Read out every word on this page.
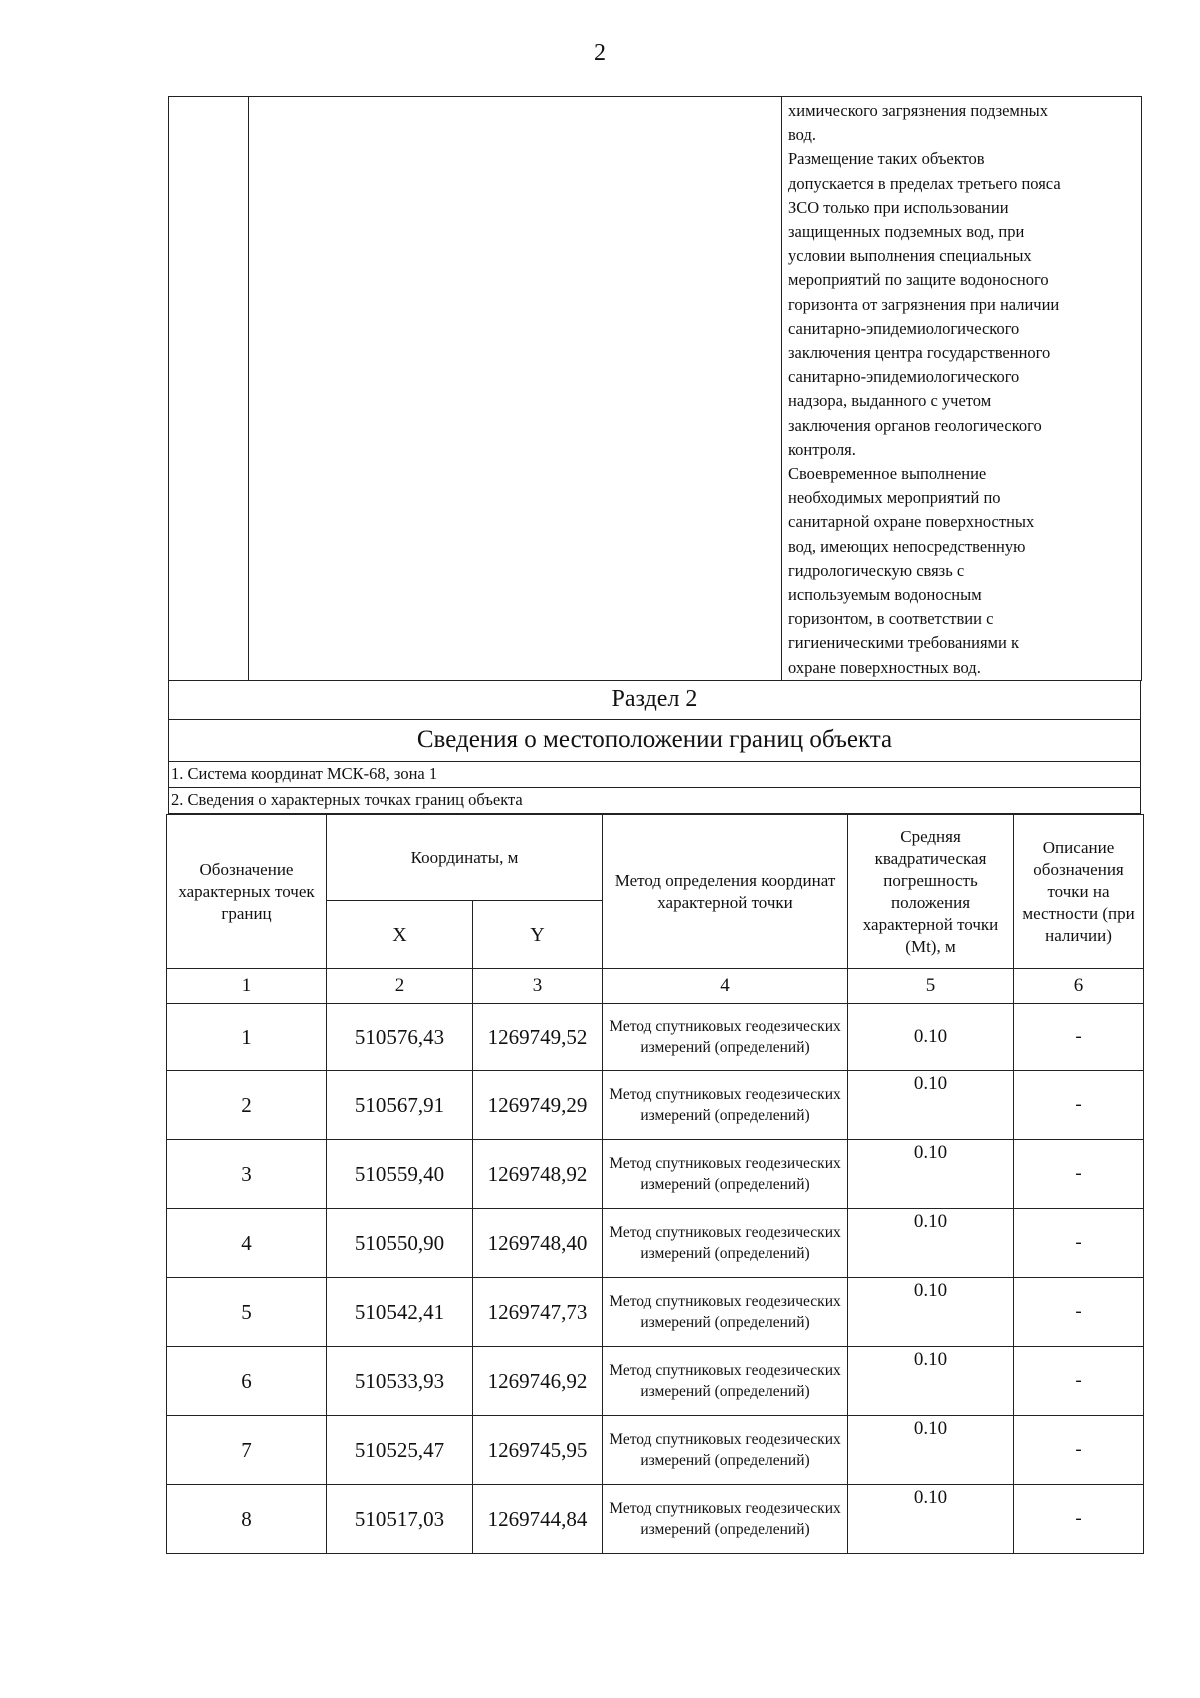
2

химического загрязнения подземных
вод.
Размещение таких объектов
допускается в пределах третьего пояса
ЗСО только при использовании
защищенных подземных вод, при
условии выполнения специальных
мероприятий по защите водоносного
горизонта от загрязнения при наличии
санитарно-эпидемиологического
заключения центра государственного
санитарно-эпидемиологического
надзора, выданного с учетом
заключения органов геологического
контроля.
Своевременное выполнение
необходимых мероприятий по
санитарной охране поверхностных
вод, имеющих непосредственную
гидрологическую связь с
используемым водоносным
горизонтом, в соответствии с
гигиеническими требованиями к
охране поверхностных вод.
Раздел 2
Сведения о местоположении границ объекта
1. Система координат МСК-68, зона 1
2. Сведения о характерных точках границ объекта
Обозначение характерных точек границ	Координаты, м		Метод определения координат характерной точки	Средняя квадратическая погрешность положения характерной точки (Mt), м	Описание обозначения точки на местности (при наличии)
	X	Y			
1	2	3	4	5	6
1	510576,43	1269749,52	Метод спутниковых геодезических измерений (определений)	0.10	-
2	510567,91	1269749,29	Метод спутниковых геодезических измерений (определений)	0.10	-
3	510559,40	1269748,92	Метод спутниковых геодезических измерений (определений)	0.10	-
4	510550,90	1269748,40	Метод спутниковых геодезических измерений (определений)	0.10	-
5	510542,41	1269747,73	Метод спутниковых геодезических измерений (определений)	0.10	-
6	510533,93	1269746,92	Метод спутниковых геодезических измерений (определений)	0.10	-
7	510525,47	1269745,95	Метод спутниковых геодезических измерений (определений)	0.10	-
8	510517,03	1269744,84	Метод спутниковых геодезических измерений (определений)	0.10	-
